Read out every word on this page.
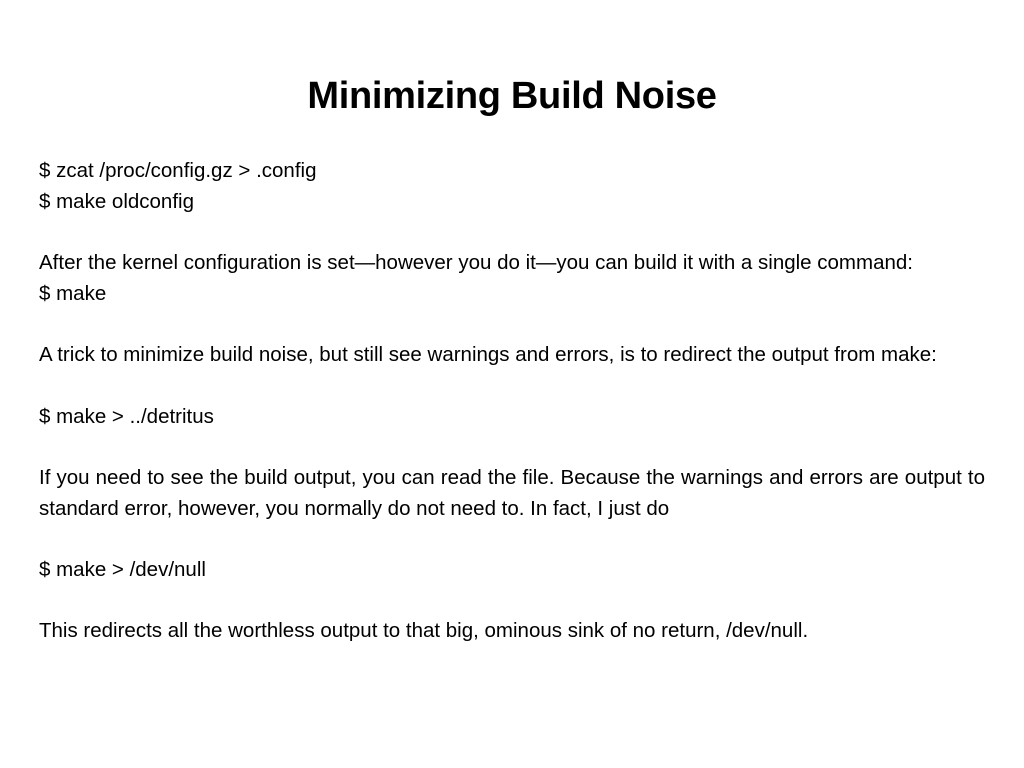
Minimizing Build Noise
$ zcat /proc/config.gz > .config
$ make oldconfig
After the kernel configuration is set—however you do it—you can build it with a single command:
$ make
A trick to minimize build noise, but still see warnings and errors, is to redirect the output from make:
$ make > ../detritus
If you need to see the build output, you can read the file. Because the warnings and errors are output to standard error, however, you normally do not need to. In fact, I just do
$ make > /dev/null
This redirects all the worthless output to that big, ominous sink of no return, /dev/null.
